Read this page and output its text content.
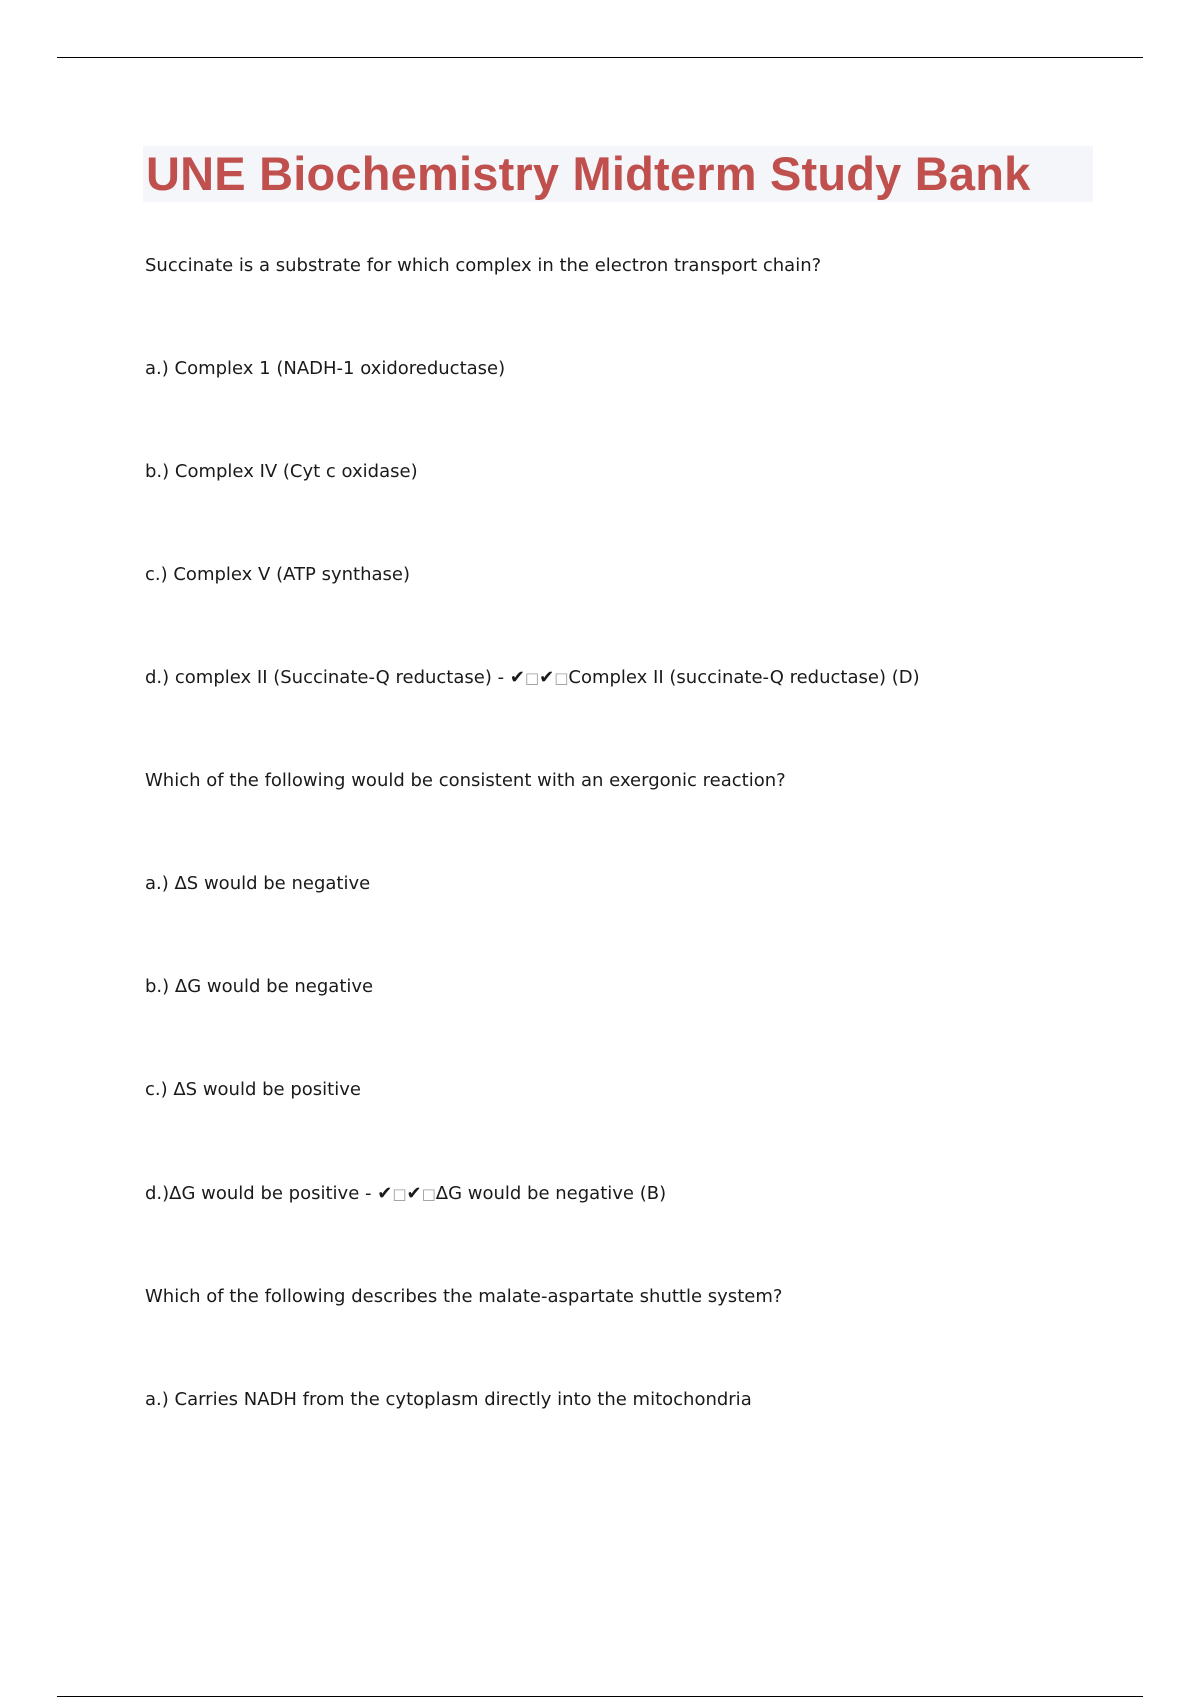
UNE Biochemistry Midterm Study Bank

Succinate is a substrate for which complex in the electron transport chain?

a.) Complex 1 (NADH-1 oxidoreductase)

b.) Complex IV (Cyt c oxidase)

c.) Complex V (ATP synthase)

d.) complex II (Succinate-Q reductase) - ✔□✔□Complex II (succinate-Q reductase) (D)

Which of the following would be consistent with an exergonic reaction?

a.) ΔS would be negative

b.) ΔG would be negative

c.) ΔS would be positive

d.)ΔG would be positive - ✔□✔□ΔG would be negative (B)

Which of the following describes the malate-aspartate shuttle system?

a.) Carries NADH from the cytoplasm directly into the mitochondria
